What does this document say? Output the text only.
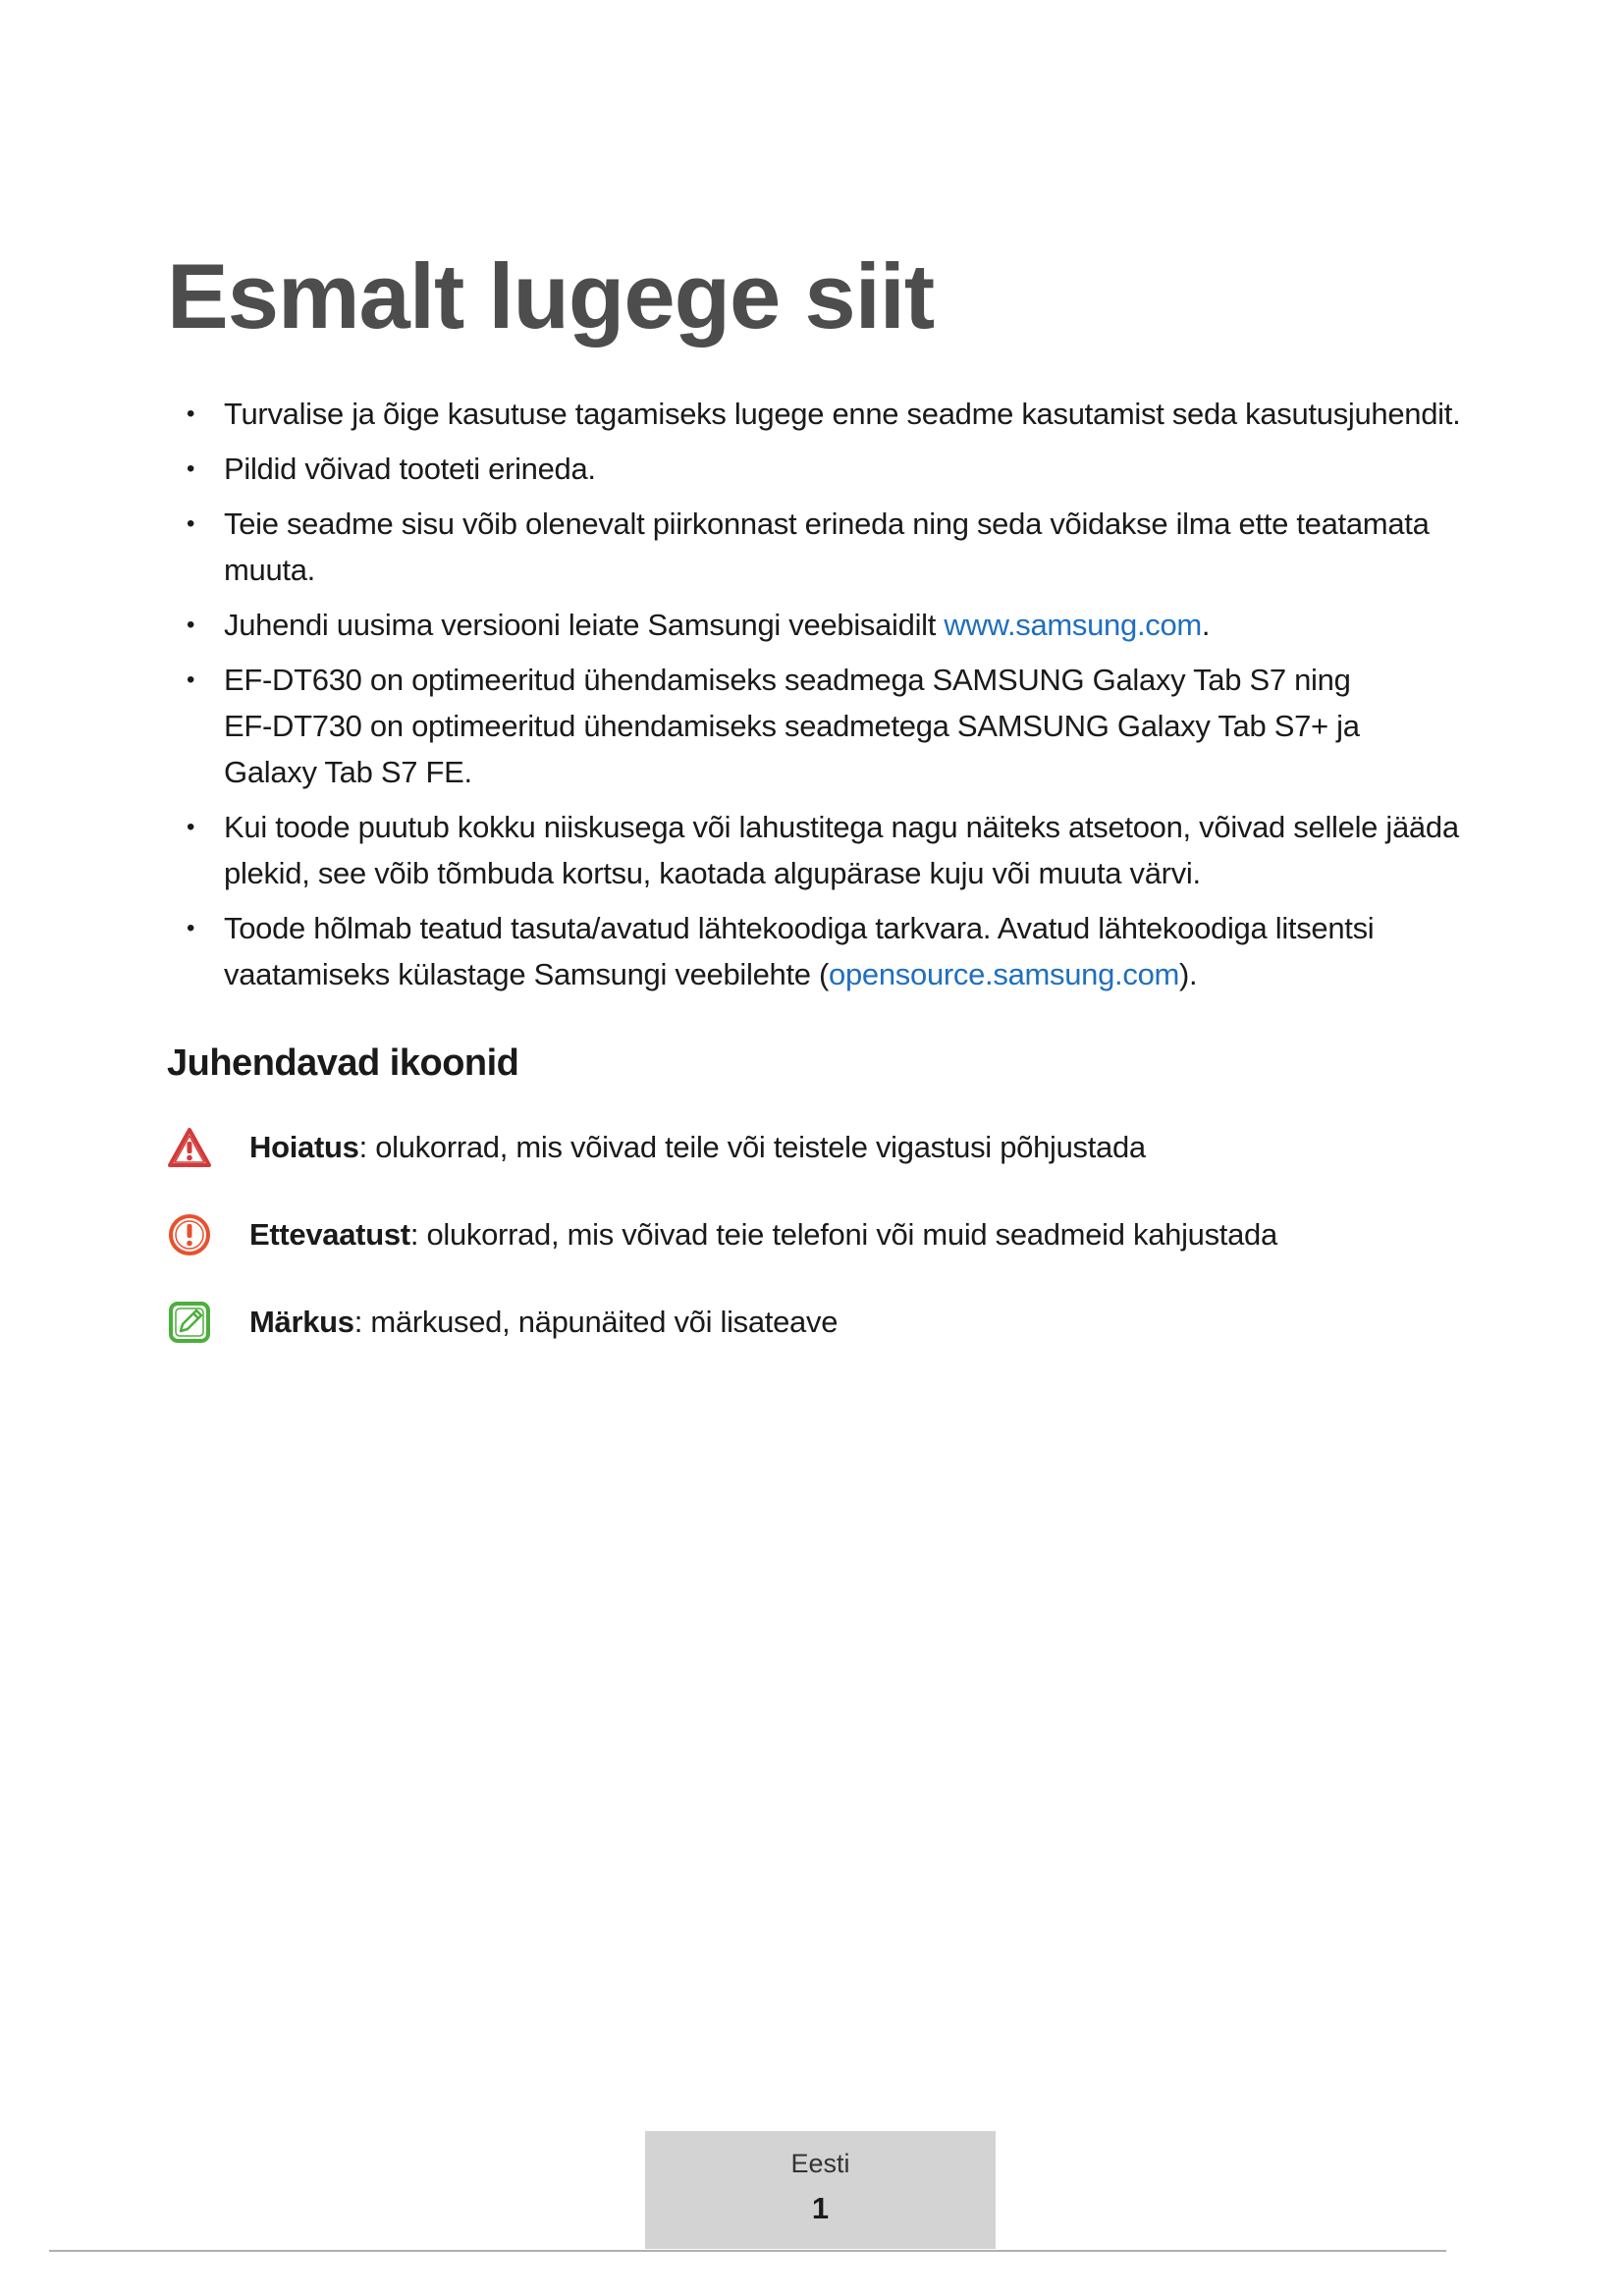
Esmalt lugege siit
• Turvalise ja õige kasutuse tagamiseks lugege enne seadme kasutamist seda kasutusjuhendit.
• Pildid võivad tooteti erineda.
• Teie seadme sisu võib olenevalt piirkonnast erineda ning seda võidakse ilma ette teatamata muuta.
• Juhendi uusima versiooni leiate Samsungi veebisaidilt www.samsung.com.
• EF-DT630 on optimeeritud ühendamiseks seadmega SAMSUNG Galaxy Tab S7 ning
EF-DT730 on optimeeritud ühendamiseks seadmetega SAMSUNG Galaxy Tab S7+ ja
Galaxy Tab S7 FE.
• Kui toode puutub kokku niiskusega või lahustitega nagu näiteks atsetoon, võivad sellele jääda plekid, see võib tõmbuda kortsu, kaotada algupärase kuju või muuta värvi.
• Toode hõlmab teatud tasuta/avatud lähtekoodiga tarkvara. Avatud lähtekoodiga litsentsi vaatamiseks külastage Samsungi veebilehte (opensource.samsung.com).
Juhendavad ikoonid
Hoiatus: olukorrad, mis võivad teile või teistele vigastusi põhjustada
Ettevaatust: olukorrad, mis võivad teie telefoni või muid seadmeid kahjustada
Märkus: märkused, näpunäited või lisateave
Eesti
1
